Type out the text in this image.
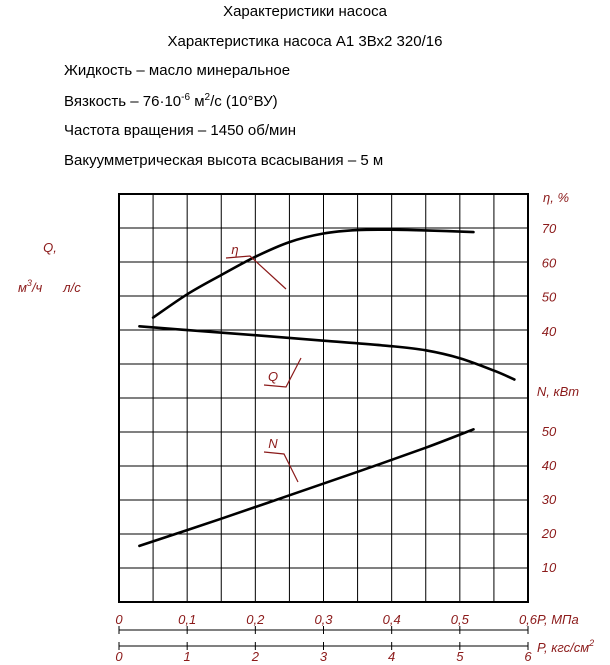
Характеристики насоса
Характеристика насоса А1 3Вх2 320/16
Жидкость – масло минеральное
Вязкость – $76\cdot 10^{-6}$ $м^2/с$ (10°ВУ)
Частота вращения – 1450 об/мин
Вакуумметрическая высота всасывания – 5 м
η
Q
N
η, %
70
60
50
40
N, кВт
50
40
30
20
10
Q,
$м^3/ч$ л/с
0	0,1	0,2	0,3	0,4	0,5	0,6
0	1	2	3	4	5	6
P, МПа
P, кгс/$см^2$
